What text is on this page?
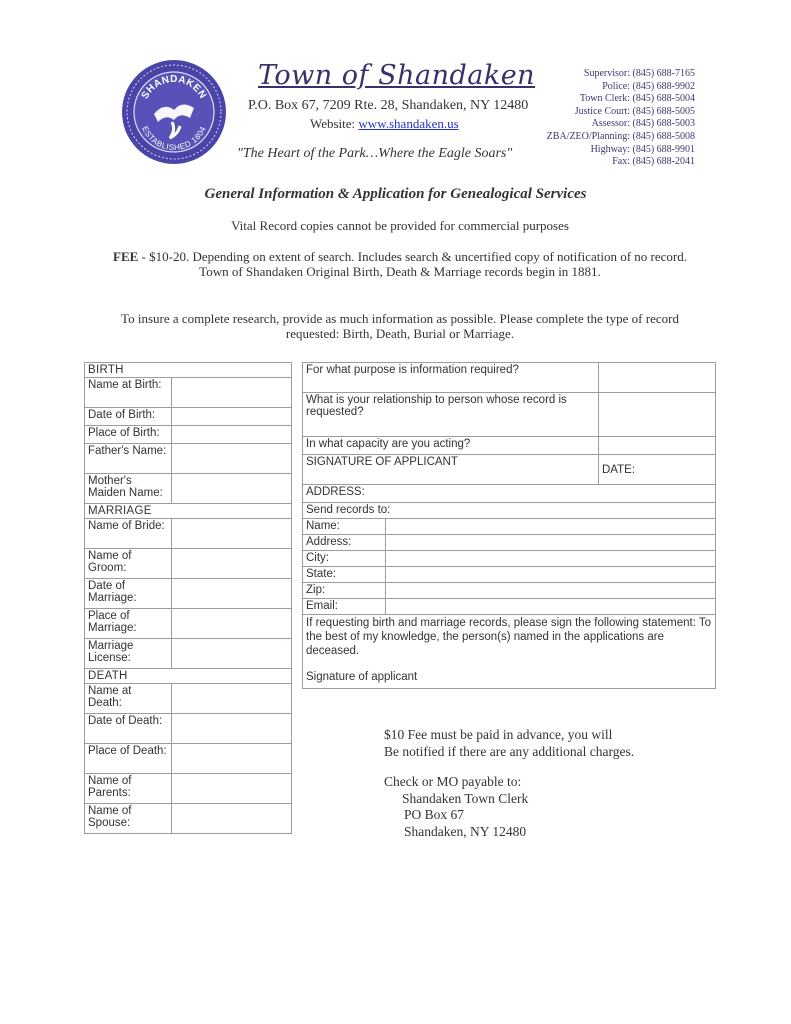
SHANDAKEN
ESTABLISHED 1804
Town of Shandaken
P.O. Box 67, 7209 Rte. 28, Shandaken, NY 12480
Website: www.shandaken.us
"The Heart of the Park…Where the Eagle Soars"
Supervisor: (845) 688-7165
Police: (845) 688-9902
Town Clerk: (845) 688-5004
Justice Court: (845) 688-5005
Assessor: (845) 688-5003
ZBA/ZEO/Planning: (845) 688-5008
Highway: (845) 688-9901
Fax: (845) 688-2041
General Information & Application for Genealogical Services
Vital Record copies cannot be provided for commercial purposes
FEE - $10-20. Depending on extent of search. Includes search & uncertified copy of notification of no record.
Town of Shandaken Original Birth, Death & Marriage records begin in 1881.
To insure a complete research, provide as much information as possible. Please complete the type of record requested: Birth, Death, Burial or Marriage.
BIRTH	
Name at Birth:	
Date of Birth:	
Place of Birth:	
Father's Name:	
Mother's Maiden Name:	
MARRIAGE	
Name of Bride:	
Name of Groom:	
Date of Marriage:	
Place of Marriage:	
Marriage License:	
DEATH	
Name at Death:	
Date of Death:	
Place of Death:	
Name of Parents:	
Name of Spouse:	
For what purpose is information required?		
What is your relationship to person whose record is requested?		
In what capacity are you acting?		
SIGNATURE OF APPLICANT		DATE:
ADDRESS:		
Send records to:		
Name:		
Address:		
City:		
State:		
Zip:		
Email:		

If requesting birth and marriage records, please sign the following statement: To the best of my knowledge, the person(s) named in the applications are deceased.
Signature of applicant		
$10 Fee must be paid in advance, you will
Be notified if there are any additional charges.
Check or MO payable to:
Shandaken Town Clerk
PO Box 67
Shandaken, NY 12480
